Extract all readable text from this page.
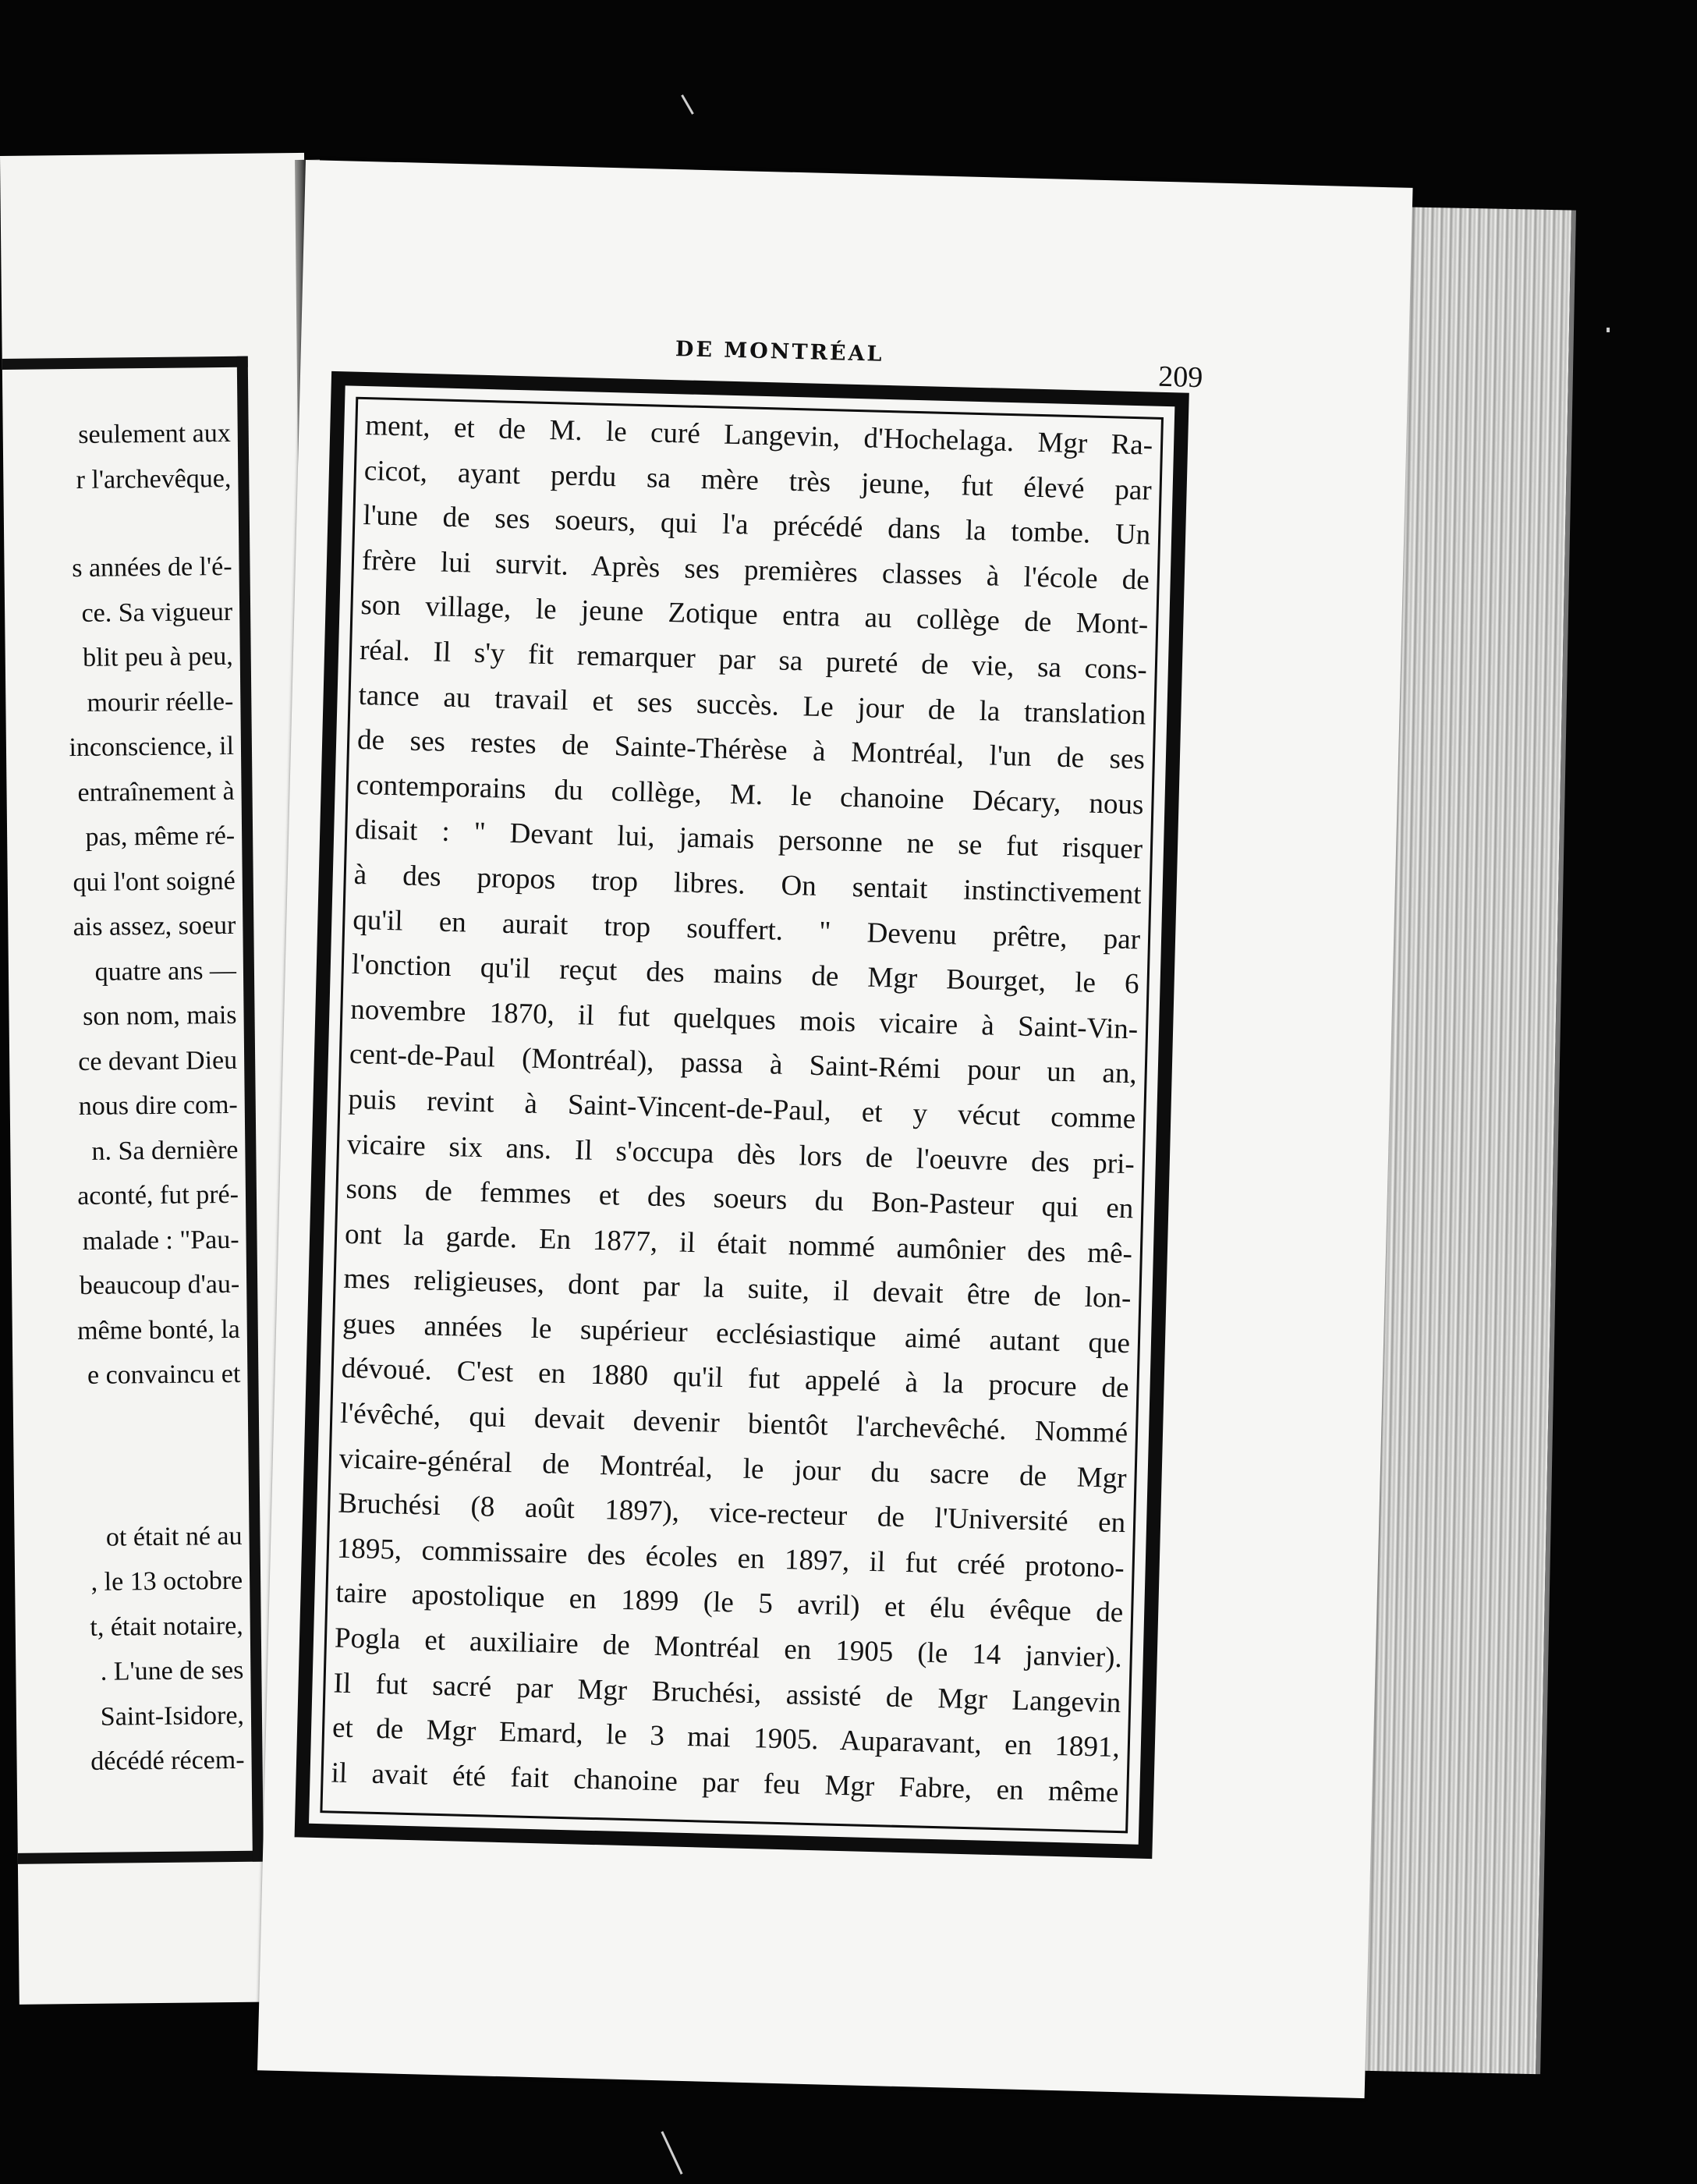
seulement aux
r l'archevêque,
s années de l'é-
ce. Sa vigueur
blit peu à peu,
mourir réelle-
inconscience, il
entraînement à
pas, même ré-
qui l'ont soigné
ais assez, soeur
quatre ans —
son nom, mais
ce devant Dieu
nous dire com-
n. Sa dernière
aconté, fut pré-
malade : "Pau-
beaucoup d'au-
même bonté, la
e convaincu et
ot était né au
, le 13 octobre
t, était notaire,
. L'une de ses
Saint-Isidore,
décédé récem-
DE MONTRÉAL
209
ment, et de M. le curé Langevin, d'Hochelaga. Mgr Ra-
cicot, ayant perdu sa mère très jeune, fut élevé par
l'une de ses soeurs, qui l'a précédé dans la tombe. Un
frère lui survit. Après ses premières classes à l'école de
son village, le jeune Zotique entra au collège de Mont-
réal. Il s'y fit remarquer par sa pureté de vie, sa cons-
tance au travail et ses succès. Le jour de la translation
de ses restes de Sainte-Thérèse à Montréal, l'un de ses
contemporains du collège, M. le chanoine Décary, nous
disait : " Devant lui, jamais personne ne se fut risquer
à des propos trop libres. On sentait instinctivement
qu'il en aurait trop souffert. " Devenu prêtre, par
l'onction qu'il reçut des mains de Mgr Bourget, le 6
novembre 1870, il fut quelques mois vicaire à Saint-Vin-
cent-de-Paul (Montréal), passa à Saint-Rémi pour un an,
puis revint à Saint-Vincent-de-Paul, et y vécut comme
vicaire six ans. Il s'occupa dès lors de l'oeuvre des pri-
sons de femmes et des soeurs du Bon-Pasteur qui en
ont la garde. En 1877, il était nommé aumônier des mê-
mes religieuses, dont par la suite, il devait être de lon-
gues années le supérieur ecclésiastique aimé autant que
dévoué. C'est en 1880 qu'il fut appelé à la procure de
l'évêché, qui devait devenir bientôt l'archevêché. Nommé
vicaire-général de Montréal, le jour du sacre de Mgr
Bruchési (8 août 1897), vice-recteur de l'Université en
1895, commissaire des écoles en 1897, il fut créé protono-
taire apostolique en 1899 (le 5 avril) et élu évêque de
Pogla et auxiliaire de Montréal en 1905 (le 14 janvier).
Il fut sacré par Mgr Bruchési, assisté de Mgr Langevin
et de Mgr Emard, le 3 mai 1905. Auparavant, en 1891,
il avait été fait chanoine par feu Mgr Fabre, en même
